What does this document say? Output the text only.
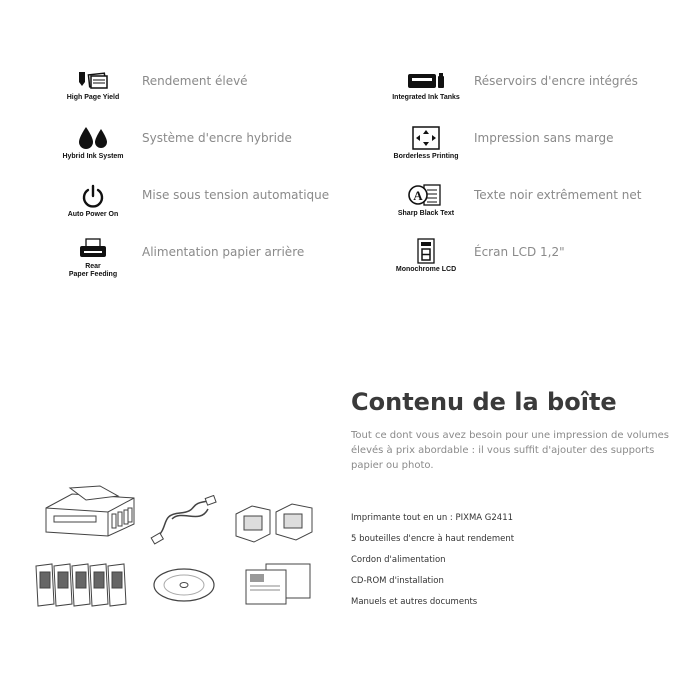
High Page Yield
Rendement élevé
Integrated Ink Tanks
Réservoirs d'encre intégrés
Hybrid Ink System
Système d'encre hybride
Borderless Printing
Impression sans marge
Auto Power On
Mise sous tension automatique	A
Sharp Black Text
Texte noir extrêmement net
Rear
Paper Feeding
Alimentation papier arrière
Monochrome LCD
Écran LCD 1,2"
Contenu de la boîte

Tout ce dont vous avez besoin pour une impression de volumes élevés à prix abordable : il vous suffit d'ajouter des supports papier ou photo.

Imprimante tout en un : PIXMA G2411
5 bouteilles d'encre à haut rendement
Cordon d'alimentation
CD-ROM d'installation
Manuels et autres documents
